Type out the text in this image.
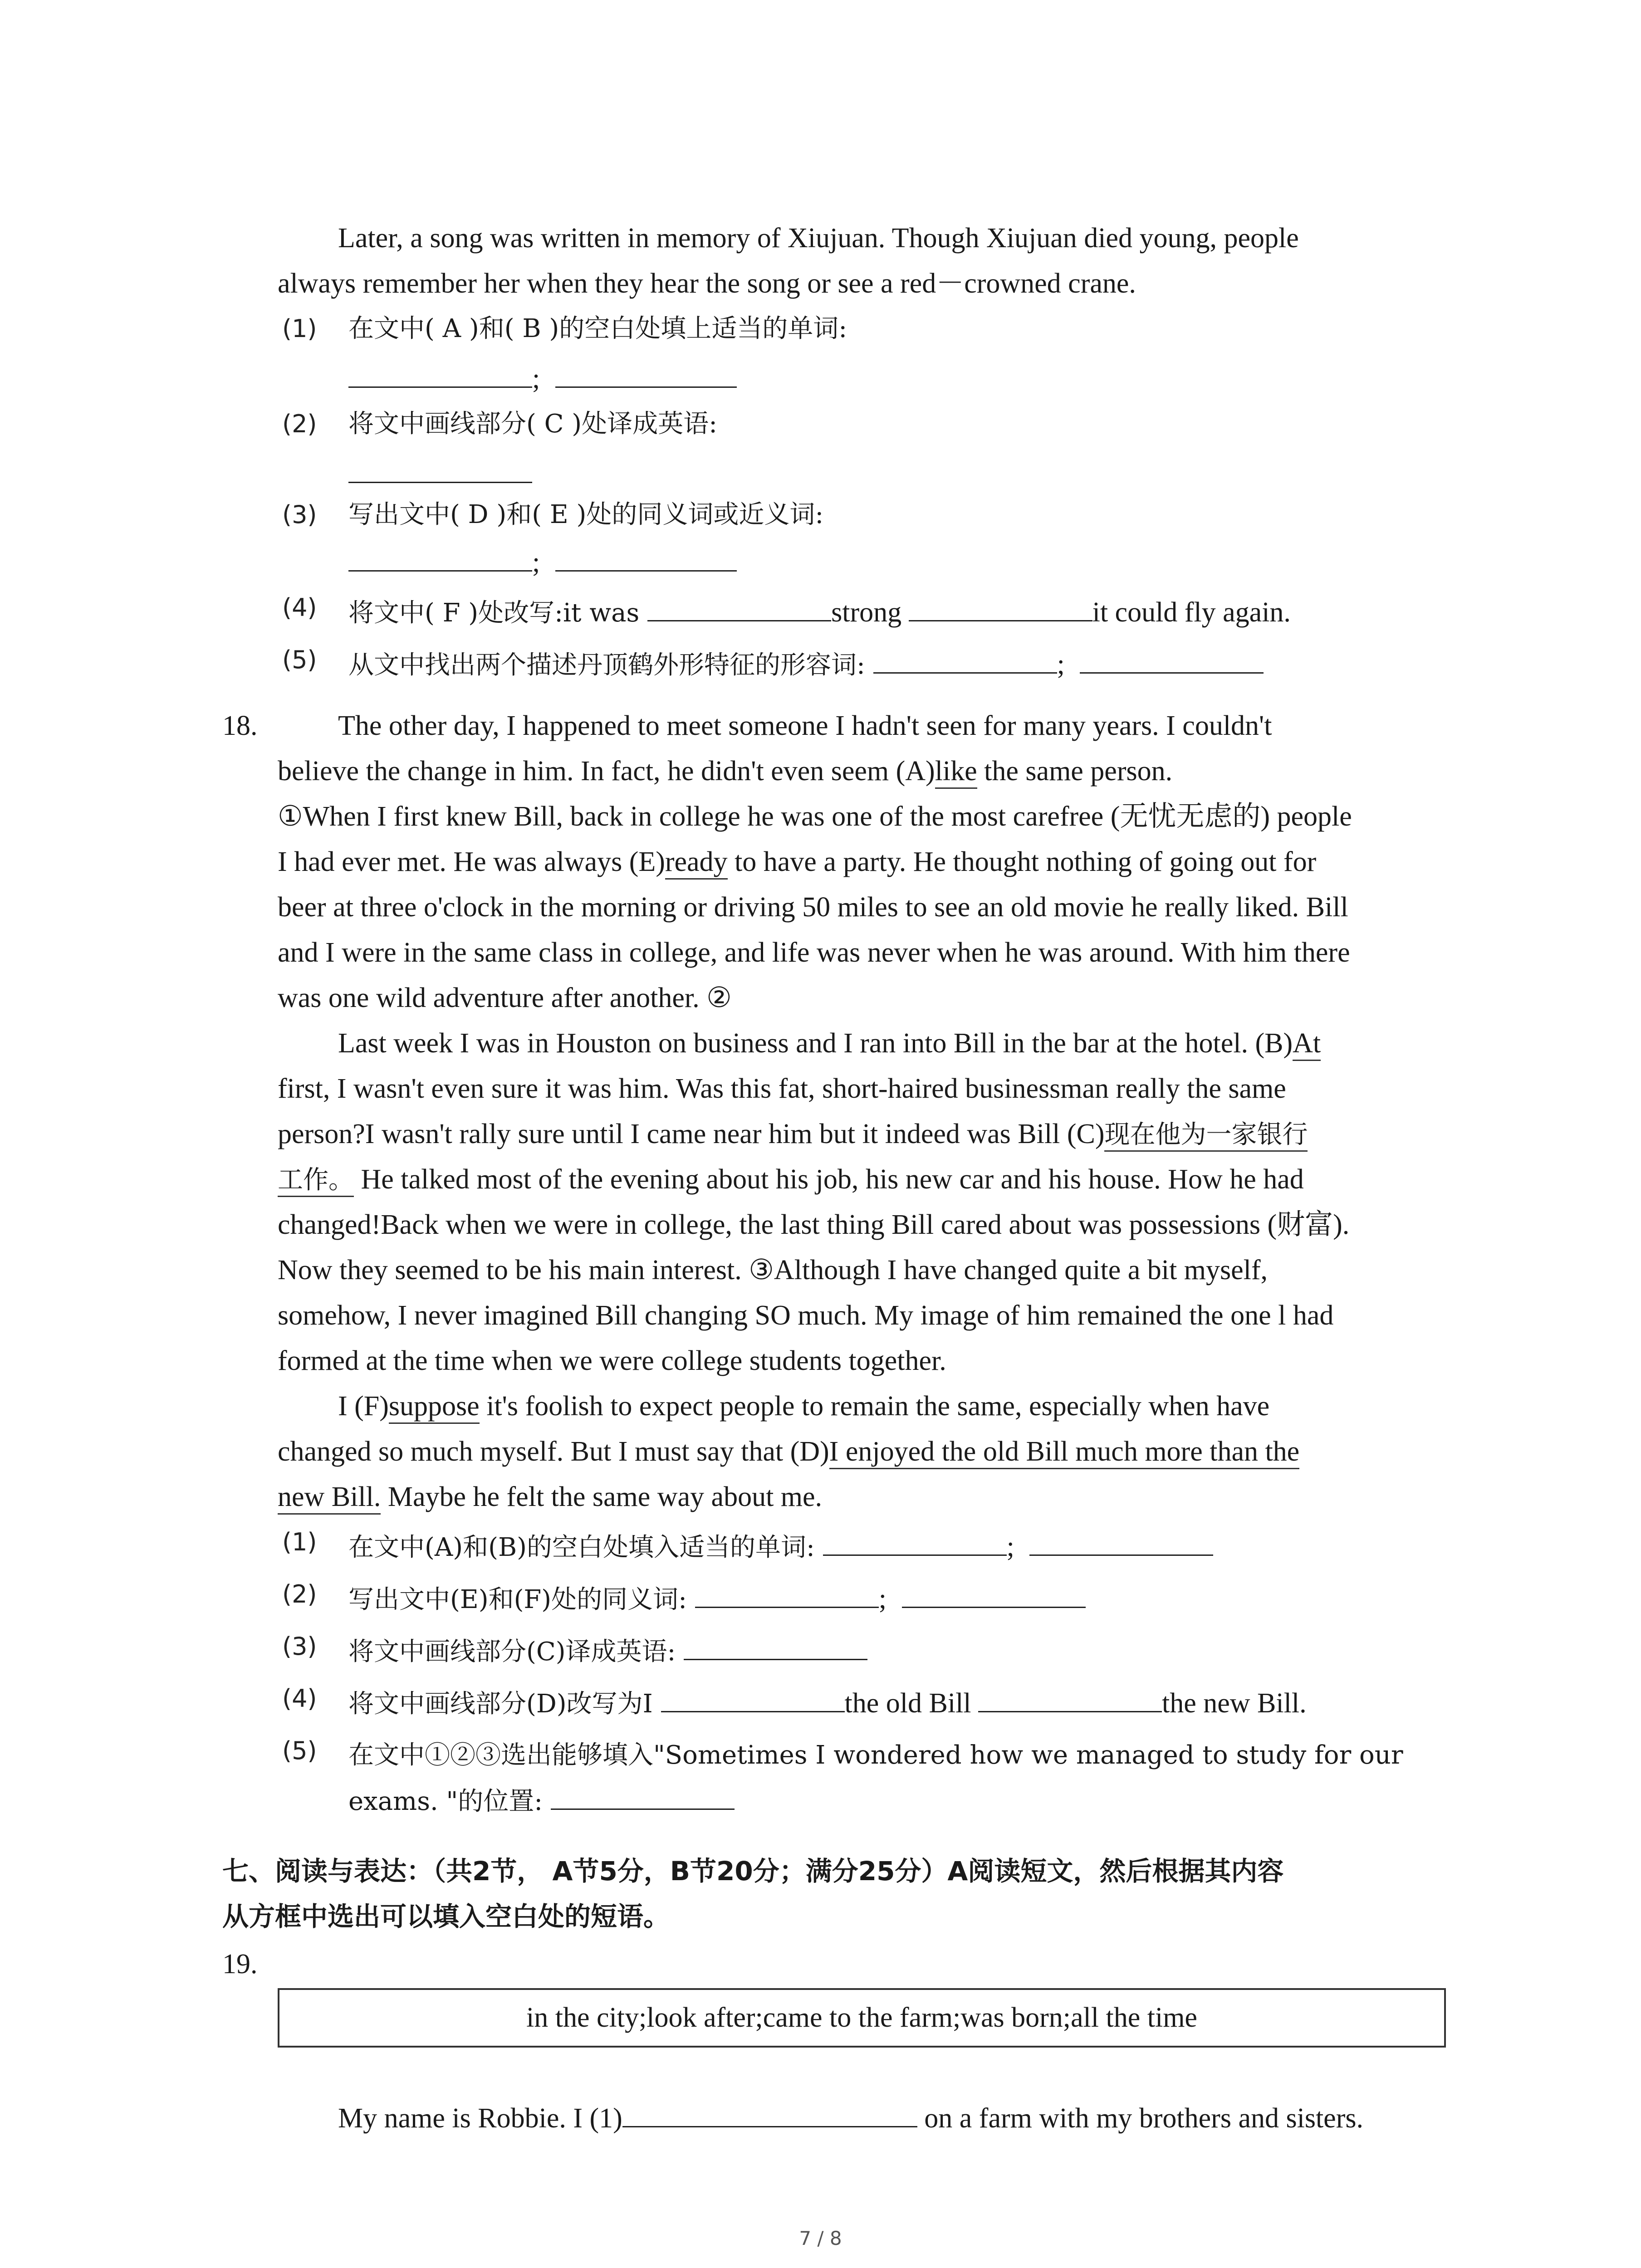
Later, a song was written in memory of Xiujuan. Though Xiujuan died young, people
always remember her when they hear the song or see a red－crowned crane.
(1) 在文中( A )和( B )的空白处填上适当的单词:
;
(2) 将文中画线部分( C )处译成英语:
(3) 写出文中( D )和( E )处的同义词或近义词:
;
(4) 将文中( F )处改写:it was	strong	it could fly again.
(5) 从文中找出两个描述丹顶鹤外形特征的形容词:	;
18.	The other day, I happened to meet someone I hadn't seen for many years. I couldn't
believe the change in him. In fact, he didn't even seem (A)like the same person.
①When I first knew Bill, back in college he was one of the most carefree (无忧无虑的) people
I had ever met. He was always (E)ready to have a party. He thought nothing of going out for
beer at three o'clock in the morning or driving 50 miles to see an old movie he really liked. Bill
and I were in the same class in college, and life was never when he was around. With him there
was one wild adventure after another. ②
Last week I was in Houston on business and I ran into Bill in the bar at the hotel. (B)At
first, I wasn't even sure it was him. Was this fat, short-haired businessman really the same
person?I wasn't rally sure until I came near him but it indeed was Bill (C)现在他为一家银行
工作。 He talked most of the evening about his job, his new car and his house. How he had
changed!Back when we were in college, the last thing Bill cared about was possessions (财富).
Now they seemed to be his main interest. ③Although I have changed quite a bit myself,
somehow, I never imagined Bill changing SO much. My image of him remained the one l had
formed at the time when we were college students together.
I (F)suppose it's foolish to expect people to remain the same, especially when have
changed so much myself. But I must say that (D)I enjoyed the old Bill much more than the
new Bill. Maybe he felt the same way about me.
(1) 在文中(A)和(B)的空白处填入适当的单词:	;
(2) 写出文中(E)和(F)处的同义词:	;
(3) 将文中画线部分(C)译成英语:
(4) 将文中画线部分(D)改写为I	the old Bill	the new Bill.
(5) 在文中①②③选出能够填入"Sometimes I wondered how we managed to study for our
exams. "的位置:
七、阅读与表达：（共2节， A节5分，B节20分；满分25分）A阅读短文，然后根据其内容
从方框中选出可以填入空白处的短语。
19.
in the city;look after;came to the farm;was born;all the time
My name is Robbie. I (1)	on a farm with my brothers and sisters.
7 / 8
